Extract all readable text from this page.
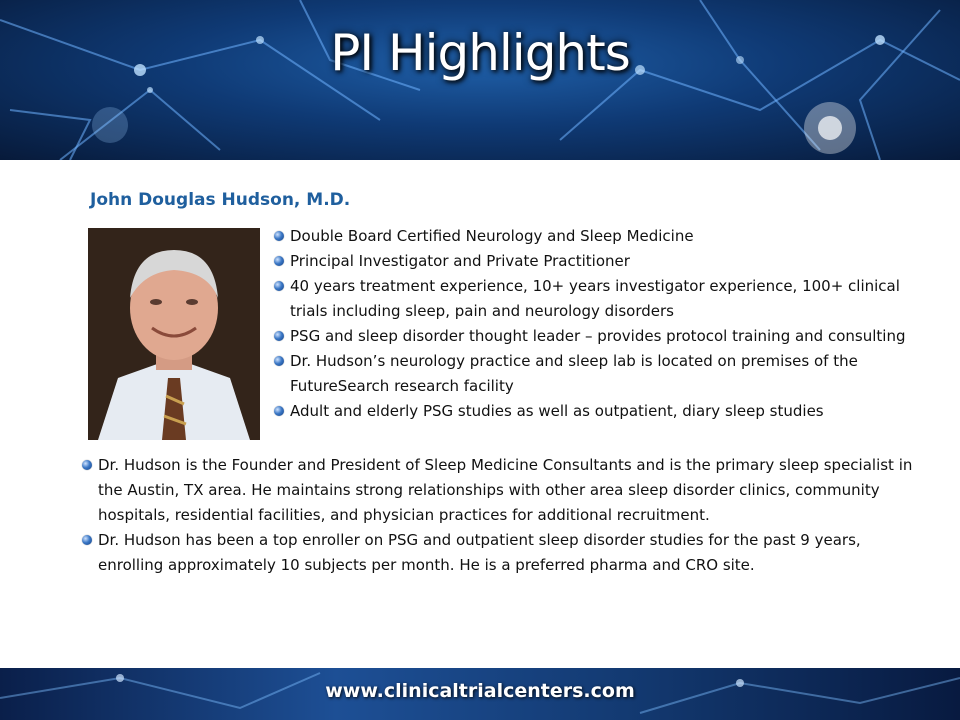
PI Highlights
John Douglas Hudson, M.D.
Double Board Certified Neurology and Sleep Medicine
Principal Investigator and Private Practitioner
40 years treatment experience, 10+ years investigator experience, 100+ clinical trials including sleep, pain and neurology disorders
PSG and sleep disorder thought leader – provides protocol training and consulting
Dr. Hudson’s neurology practice and sleep lab is located on premises of the FutureSearch research facility
Adult and elderly PSG studies as well as outpatient, diary sleep studies
Dr. Hudson is the Founder and President of Sleep Medicine Consultants and is the primary sleep specialist in the Austin, TX area. He maintains strong relationships with other area sleep disorder clinics, community hospitals, residential facilities, and physician practices for additional recruitment.
Dr. Hudson has been a top enroller on PSG and outpatient sleep disorder studies for the past 9 years, enrolling approximately 10 subjects per month. He is a preferred pharma and CRO site.
www.clinicaltrialcenters.com
